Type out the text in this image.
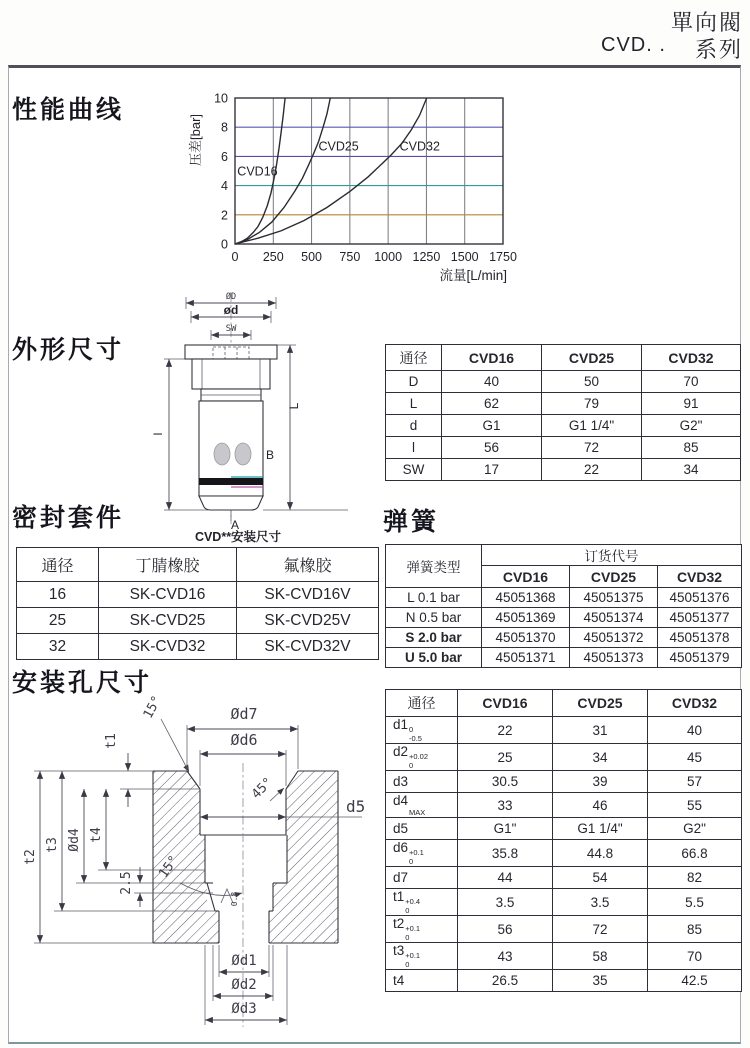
單向閥
CVD. . 系列
性能曲线
外形尺寸
密封套件	弹簧
安装孔尺寸
0 250 500 750 1000 1250 1500 1750
0
2
4
6
8
10
CVD16
CVD25	CVD32
压差[bar]
流量[L/min]
ØD
ød
SW
l
L
B
A
CVD**安装尺寸
通径	CVD16	CVD25	CVD32
D	40	50	70
L	62	79	91
d	G1	G1 1/4"	G2"
l	56	72	85
SW	17	22	34
通径	丁腈橡胶	氟橡胶
16	SK-CVD16	SK-CVD16V
25	SK-CVD25	SK-CVD25V
32	SK-CVD32	SK-CVD32V
弹簧类型	订货代号		
	CVD16	CVD25	CVD32
L 0.1 bar	45051368	45051375	45051376
N 0.5 bar	45051369	45051374	45051377
S 2.0 bar	45051370	45051372	45051378
U 5.0 bar	45051371	45051373	45051379
15°	Ød7
Ød6
t1
t2
t3 Ød4 t4
45°
d5
15°
2.5
0.8
Ød1
Ød2
Ød3
通径	CVD16	CVD25	CVD32
d1 0
-0.5	22	31	40
d2 +0.02
0	25	34	45
d3	30.5	39	57
d4
MAX	33	46	55
d5	G1"	G1 1/4"	G2"
d6 +0.1
0	35.8	44.8	66.8
d7	44	54	82
t1 +0.4
0	3.5	3.5	5.5
t2 +0.1
0	56	72	85
t3 +0.1
0	43	58	70
t4	26.5	35	42.5
